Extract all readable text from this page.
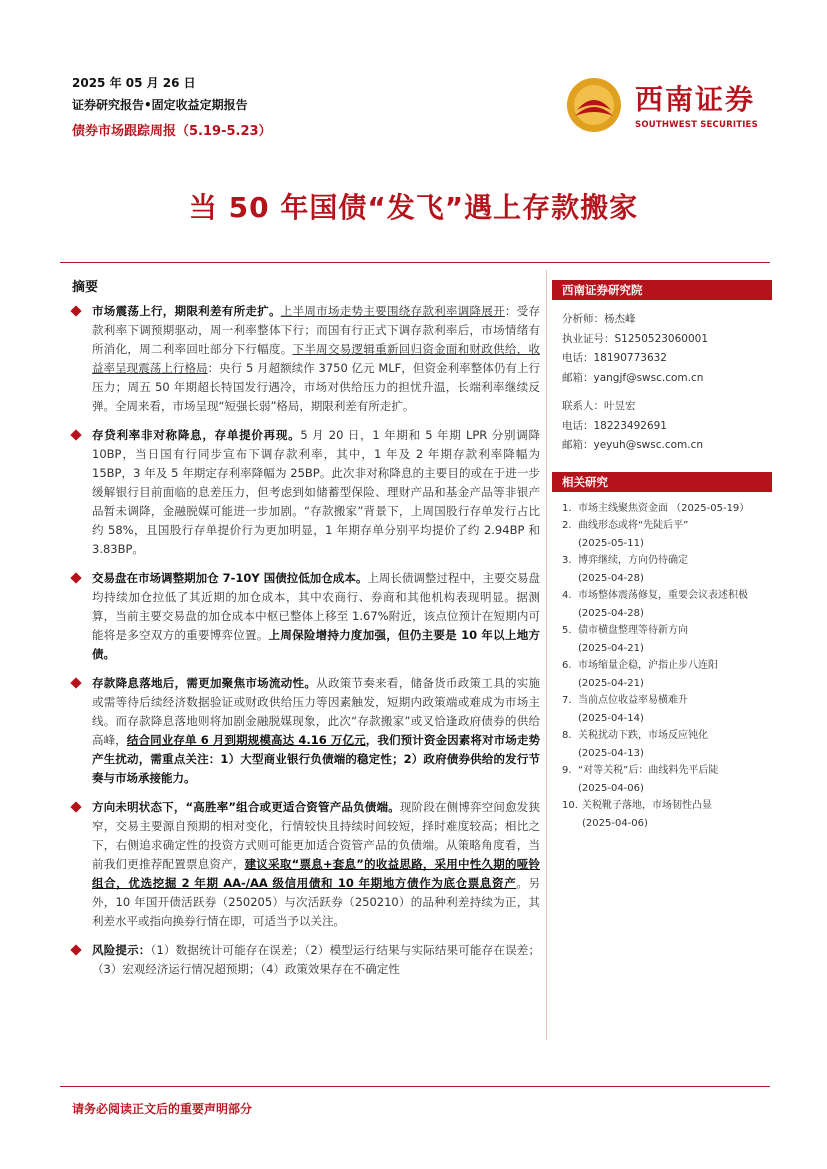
2025 年 05 月 26 日
证券研究报告•固定收益定期报告
债券市场跟踪周报（5.19-5.23）
西南证券
SOUTHWEST SECURITIES
当 50 年国债“发飞”遇上存款搬家
摘要
市场震荡上行，期限利差有所走扩。上半周市场走势主要围绕存款利率调降展开：受存款利率下调预期驱动，周一利率整体下行；而国有行正式下调存款利率后，市场情绪有所消化，周二利率回吐部分下行幅度。下半周交易逻辑重新回归资金面和财政供给，收益率呈现震荡上行格局：央行 5 月超额续作 3750 亿元 MLF，但资金利率整体仍有上行压力；周五 50 年期超长特国发行遇冷，市场对供给压力的担忧升温，长端利率继续反弹。全周来看，市场呈现“短强长弱”格局，期限利差有所走扩。
存贷利率非对称降息，存单提价再现。5 月 20 日，1 年期和 5 年期 LPR 分别调降 10BP，当日国有行同步宣布下调存款利率，其中，1 年及 2 年期存款利率降幅为 15BP，3 年及 5 年期定存利率降幅为 25BP。此次非对称降息的主要目的或在于进一步缓解银行目前面临的息差压力，但考虑到如储蓄型保险、理财产品和基金产品等非银产品暂未调降，金融脱媒可能进一步加剧。“存款搬家”背景下，上周国股行存单发行占比约 58%，且国股行存单提价行为更加明显，1 年期存单分别平均提价了约 2.94BP 和 3.83BP。
交易盘在市场调整期加仓 7-10Y 国债拉低加仓成本。上周长债调整过程中，主要交易盘均持续加仓拉低了其近期的加仓成本，其中农商行、券商和其他机构表现明显。据测算，当前主要交易盘的加仓成本中枢已整体上移至 1.67%附近，该点位预计在短期内可能将是多空双方的重要博弈位置。上周保险增持力度加强，但仍主要是 10 年以上地方债。
存款降息落地后，需更加聚焦市场流动性。从政策节奏来看，储备货币政策工具的实施或需等待后续经济数据验证或财政供给压力等因素触发，短期内政策端或难成为市场主线。而存款降息落地则将加剧金融脱媒现象，此次“存款搬家”或叉恰逢政府债券的供给高峰，结合同业存单 6 月到期规模高达 4.16 万亿元，我们预计资金因素将对市场走势产生扰动，需重点关注：1）大型商业银行负债端的稳定性；2）政府债券供给的发行节奏与市场承接能力。
方向未明状态下，“高胜率”组合或更适合资管产品负债端。现阶段在侧博弈空间愈发狭窄，交易主要源自预期的相对变化，行情较快且持续时间较短，择时难度较高；相比之下，右侧追求确定性的投资方式则可能更加适合资管产品的负债端。从策略角度看，当前我们更推荐配置票息资产，建议采取“票息+套息”的收益思路，采用中性久期的哑铃组合，优选挖掘 2 年期 AA-/AA 级信用债和 10 年期地方债作为底仓票息资产。另外，10 年国开债活跃券（250205）与次活跃券（250210）的品种利差持续为正，其利差水平或指向换券行情在即，可适当予以关注。
风险提示：（1）数据统计可能存在误差；（2）模型运行结果与实际结果可能存在误差；（3）宏观经济运行情况超预期；（4）政策效果存在不确定性
西南证券研究院
分析师：杨杰峰
执业证号：S1250523060001
电话：18190773632
邮箱：yangjf@swsc.com.cn
联系人：叶昱宏
电话：18223492691
邮箱：yeyuh@swsc.com.cn
相关研究
1. 市场主线聚焦资金面 （2025-05-19）
2. 曲线形态或将“先陡后平”
(2025-05-11)
3. 博弈继续，方向仍待确定
(2025-04-28)
4. 市场整体震荡修复，重要会议表述积极
(2025-04-28)
5. 债市横盘整理等待新方向
(2025-04-21)
6. 市场缩量企稳，沪指止步八连阳
(2025-04-21)
7. 当前点位收益率易横难升
(2025-04-14)
8. 关税扰动下跌，市场反应钝化
(2025-04-13)
9. “对等关税”后：曲线料先平后陡
(2025-04-06)
10. 关税靴子落地，市场韧性凸显
(2025-04-06)
请务必阅读正文后的重要声明部分
